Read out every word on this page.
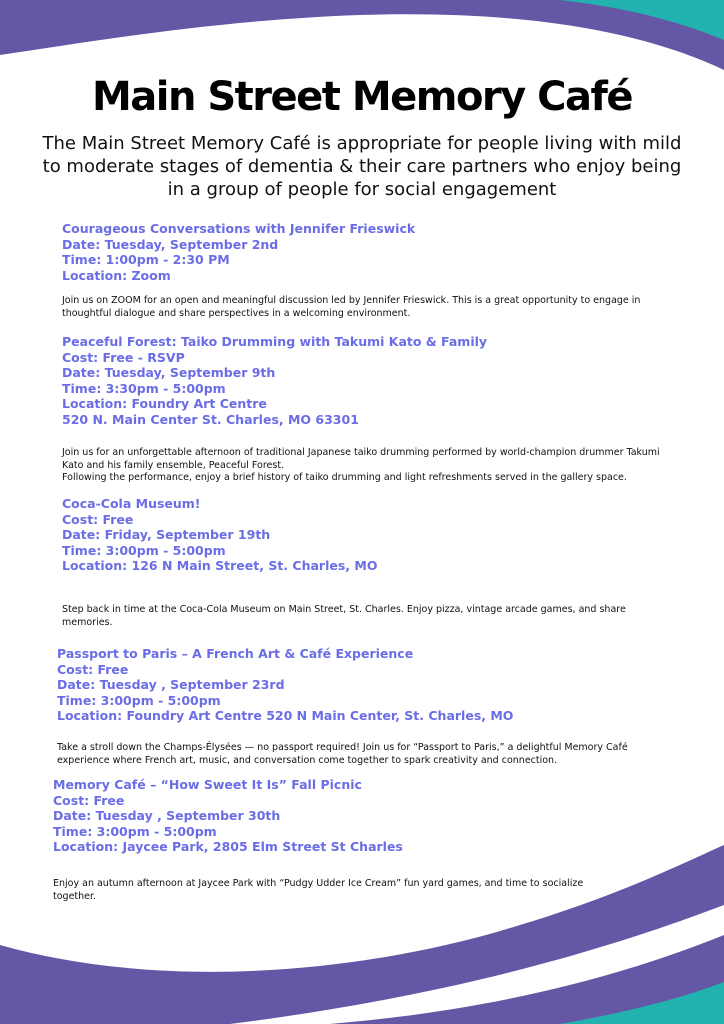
Main Street Memory Café

The Main Street Memory Café is appropriate for people living with mild to moderate stages of dementia & their care partners who enjoy being in a group of people for social engagement

Courageous Conversations with Jennifer Frieswick
Date: Tuesday, September 2nd
Time: 1:00pm - 2:30 PM
Location: Zoom
Join us on ZOOM for an open and meaningful discussion led by Jennifer Frieswick. This is a great opportunity to engage in thoughtful dialogue and share perspectives in a welcoming environment.
Peaceful Forest: Taiko Drumming with Takumi Kato & Family
Cost: Free - RSVP
Date: Tuesday, September 9th
Time: 3:30pm - 5:00pm
Location: Foundry Art Centre
520 N. Main Center St. Charles, MO 63301
Join us for an unforgettable afternoon of traditional Japanese taiko drumming performed by world-champion drummer Takumi Kato and his family ensemble, Peaceful Forest.
Following the performance, enjoy a brief history of taiko drumming and light refreshments served in the gallery space.
Coca-Cola Museum!
Cost: Free
Date: Friday, September 19th
Time: 3:00pm - 5:00pm
Location: 126 N Main Street, St. Charles, MO
Step back in time at the Coca-Cola Museum on Main Street, St. Charles. Enjoy pizza, vintage arcade games, and share memories.
Passport to Paris – A French Art & Café Experience
Cost: Free
Date: Tuesday , September 23rd
Time: 3:00pm - 5:00pm
Location: Foundry Art Centre 520 N Main Center, St. Charles, MO
Take a stroll down the Champs-Élysées — no passport required! Join us for “Passport to Paris,” a delightful Memory Café experience where French art, music, and conversation come together to spark creativity and connection.
Memory Café – “How Sweet It Is” Fall Picnic
Cost: Free
Date: Tuesday , September 30th
Time: 3:00pm - 5:00pm
Location: Jaycee Park, 2805 Elm Street St Charles
Enjoy an autumn afternoon at Jaycee Park with “Pudgy Udder Ice Cream” fun yard games, and time to socialize together.
